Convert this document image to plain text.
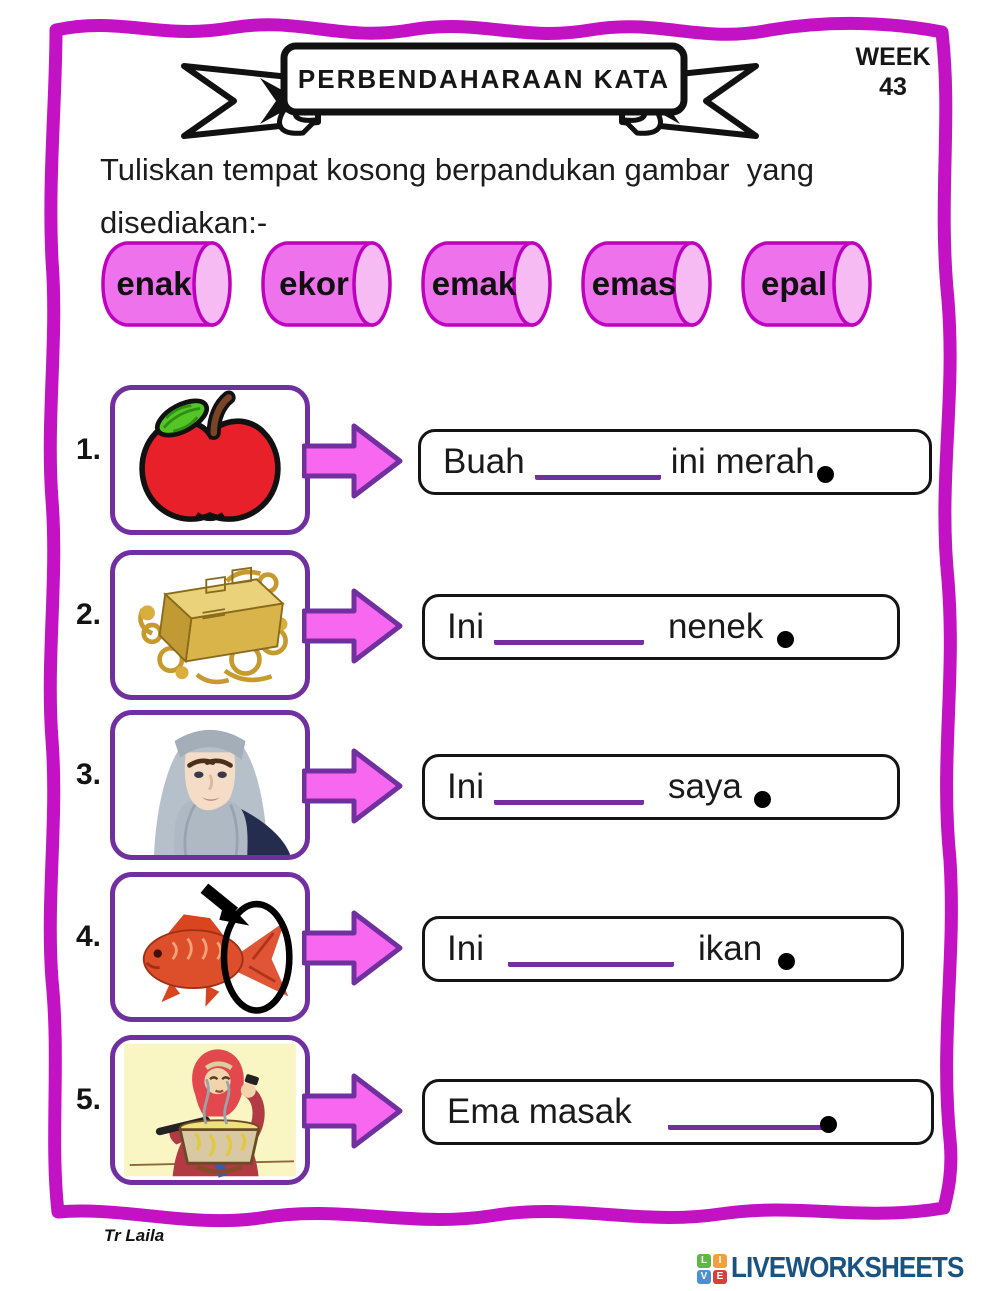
PERBENDAHARAAN KATA
WEEK
43
Tuliskan tempat kosong berpandukan gambar  yang
disediakan:-
enak	ekor	emak emas	epal
1.	Buah	ini merah
2.	Ini	nenek
3.	Ini	saya
4.	Ini	ikan
5.	Ema masak
Tr Laila
L	I
V E LIVEWORKSHEETS
